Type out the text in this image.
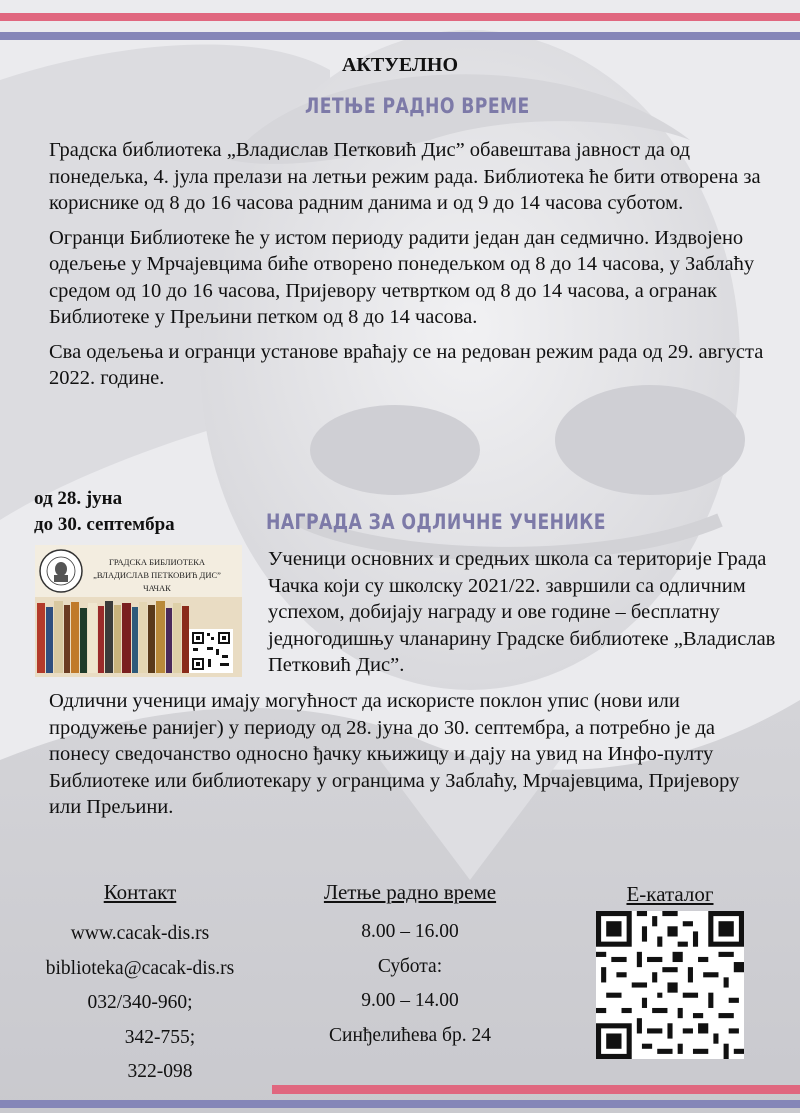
АКТУЕЛНО
ЛЕТЊЕ РАДНО ВРЕМЕ

Градска библиотека „Владислав Петковић Дис” обавештава јавност да од понедељка, 4. јула прелази на летњи режим рада. Библиотека ће бити отворена за кориснике од 8 до 16 часова радним данима и од 9 до 14 часова суботом.

Огранци Библиотеке ће у истом периоду радити један дан седмично. Издвојено одељење у Мрчајевцима биће отворено понедељком од 8 до 14 часова, у Заблаћу средом од 10 до 16 часова, Пријевору четвртком од 8 до 14 часова, а огранак Библиотеке у Прељини петком од 8 до 14 часова.

Сва одељења и огранци установе враћају се на редован режим рада од 29. августа 2022. године.

од 28. јуна
до 30. септембра	НАГРАДА ЗА ОДЛИЧНЕ УЧЕНИКЕ
ГРАДСКА БИБЛИОТЕКА
„ВЛАДИСЛАВ ПЕТКОВИЋ ДИС”
ЧАЧАК

Ученици основних и средњих школа са територије Града Чачка који су школску 2021/22. завршили са одличним успехом, добијају награду и ове године – бесплатну једногодишњу чланарину Градске библиотеке „Владислав Петковић Дис”.

Одлични ученици имају могућност да искористе поклон упис (нови или продужење ранијег) у периоду од 28. јуна до 30. септембра, а потребно је да понесу сведочанство односно ђачку књижицу и дају на увид на Инфо-пулту Библиотеке или библиотекару у огранцима у Заблаћу, Мрчајевцима, Пријевору или Прељини.

Контакт
www.cacak-dis.rs
biblioteka@cacak-dis.rs
032/340-960;
342-755;
322-098
Летње радно време
8.00 – 16.00
Субота:
9.00 – 14.00
Синђелићева бр. 24
E-каталог
